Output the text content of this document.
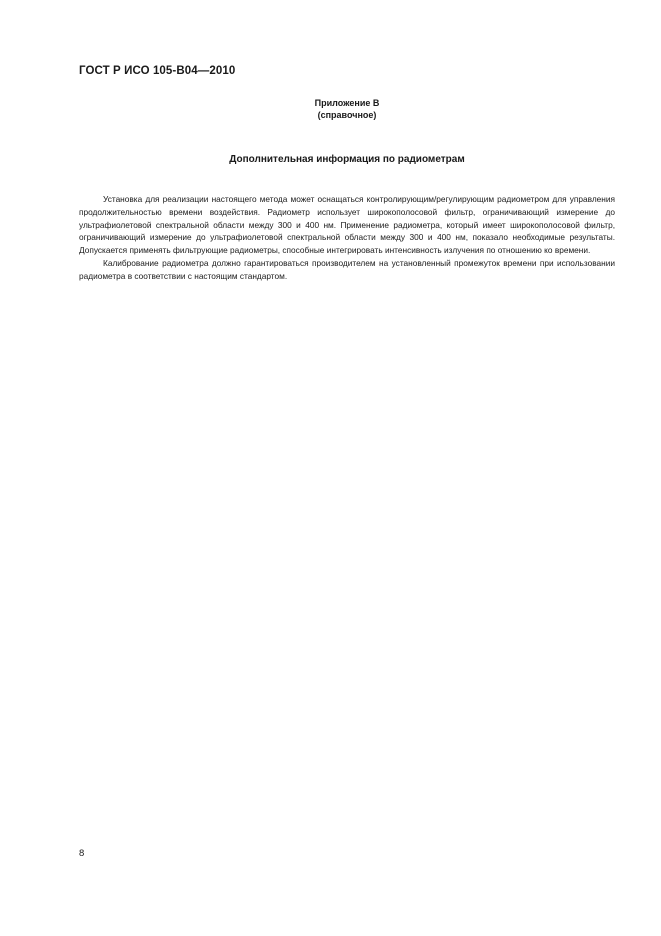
ГОСТ Р ИСО 105-B04—2010
Приложение B
(справочное)
Дополнительная информация по радиометрам

Установка для реализации настоящего метода может оснащаться контролирующим/регулирующим радиометром для управления продолжительностью времени воздействия. Радиометр использует широкополосовой фильтр, ограничивающий измерение до ультрафиолетовой спектральной области между 300 и 400 нм. Применение радиометра, который имеет широкополосовой фильтр, ограничивающий измерение до ультрафиолетовой спектральной области между 300 и 400 нм, показало необходимые результаты. Допускается применять фильтрующие радиометры, способные интегрировать интенсивность излучения по отношению ко времени.

Калибрование радиометра должно гарантироваться производителем на установленный промежуток времени при использовании радиометра в соответствии с настоящим стандартом.

8
